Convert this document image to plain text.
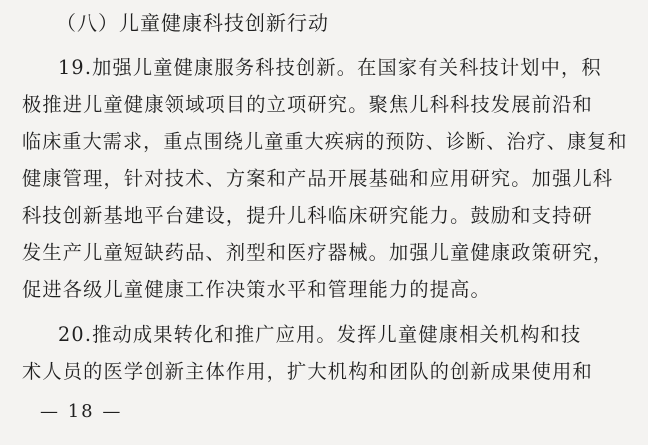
（八）儿童健康科技创新行动
19.加强儿童健康服务科技创新。在国家有关科技计划中，积
极推进儿童健康领域项目的立项研究。聚焦儿科科技发展前沿和
临床重大需求，重点围绕儿童重大疾病的预防、诊断、治疗、康复和
健康管理，针对技术、方案和产品开展基础和应用研究。加强儿科
科技创新基地平台建设，提升儿科临床研究能力。鼓励和支持研
发生产儿童短缺药品、剂型和医疗器械。加强儿童健康政策研究，
促进各级儿童健康工作决策水平和管理能力的提高。
20.推动成果转化和推广应用。发挥儿童健康相关机构和技
术人员的医学创新主体作用，扩大机构和团队的创新成果使用和
— 18 —
